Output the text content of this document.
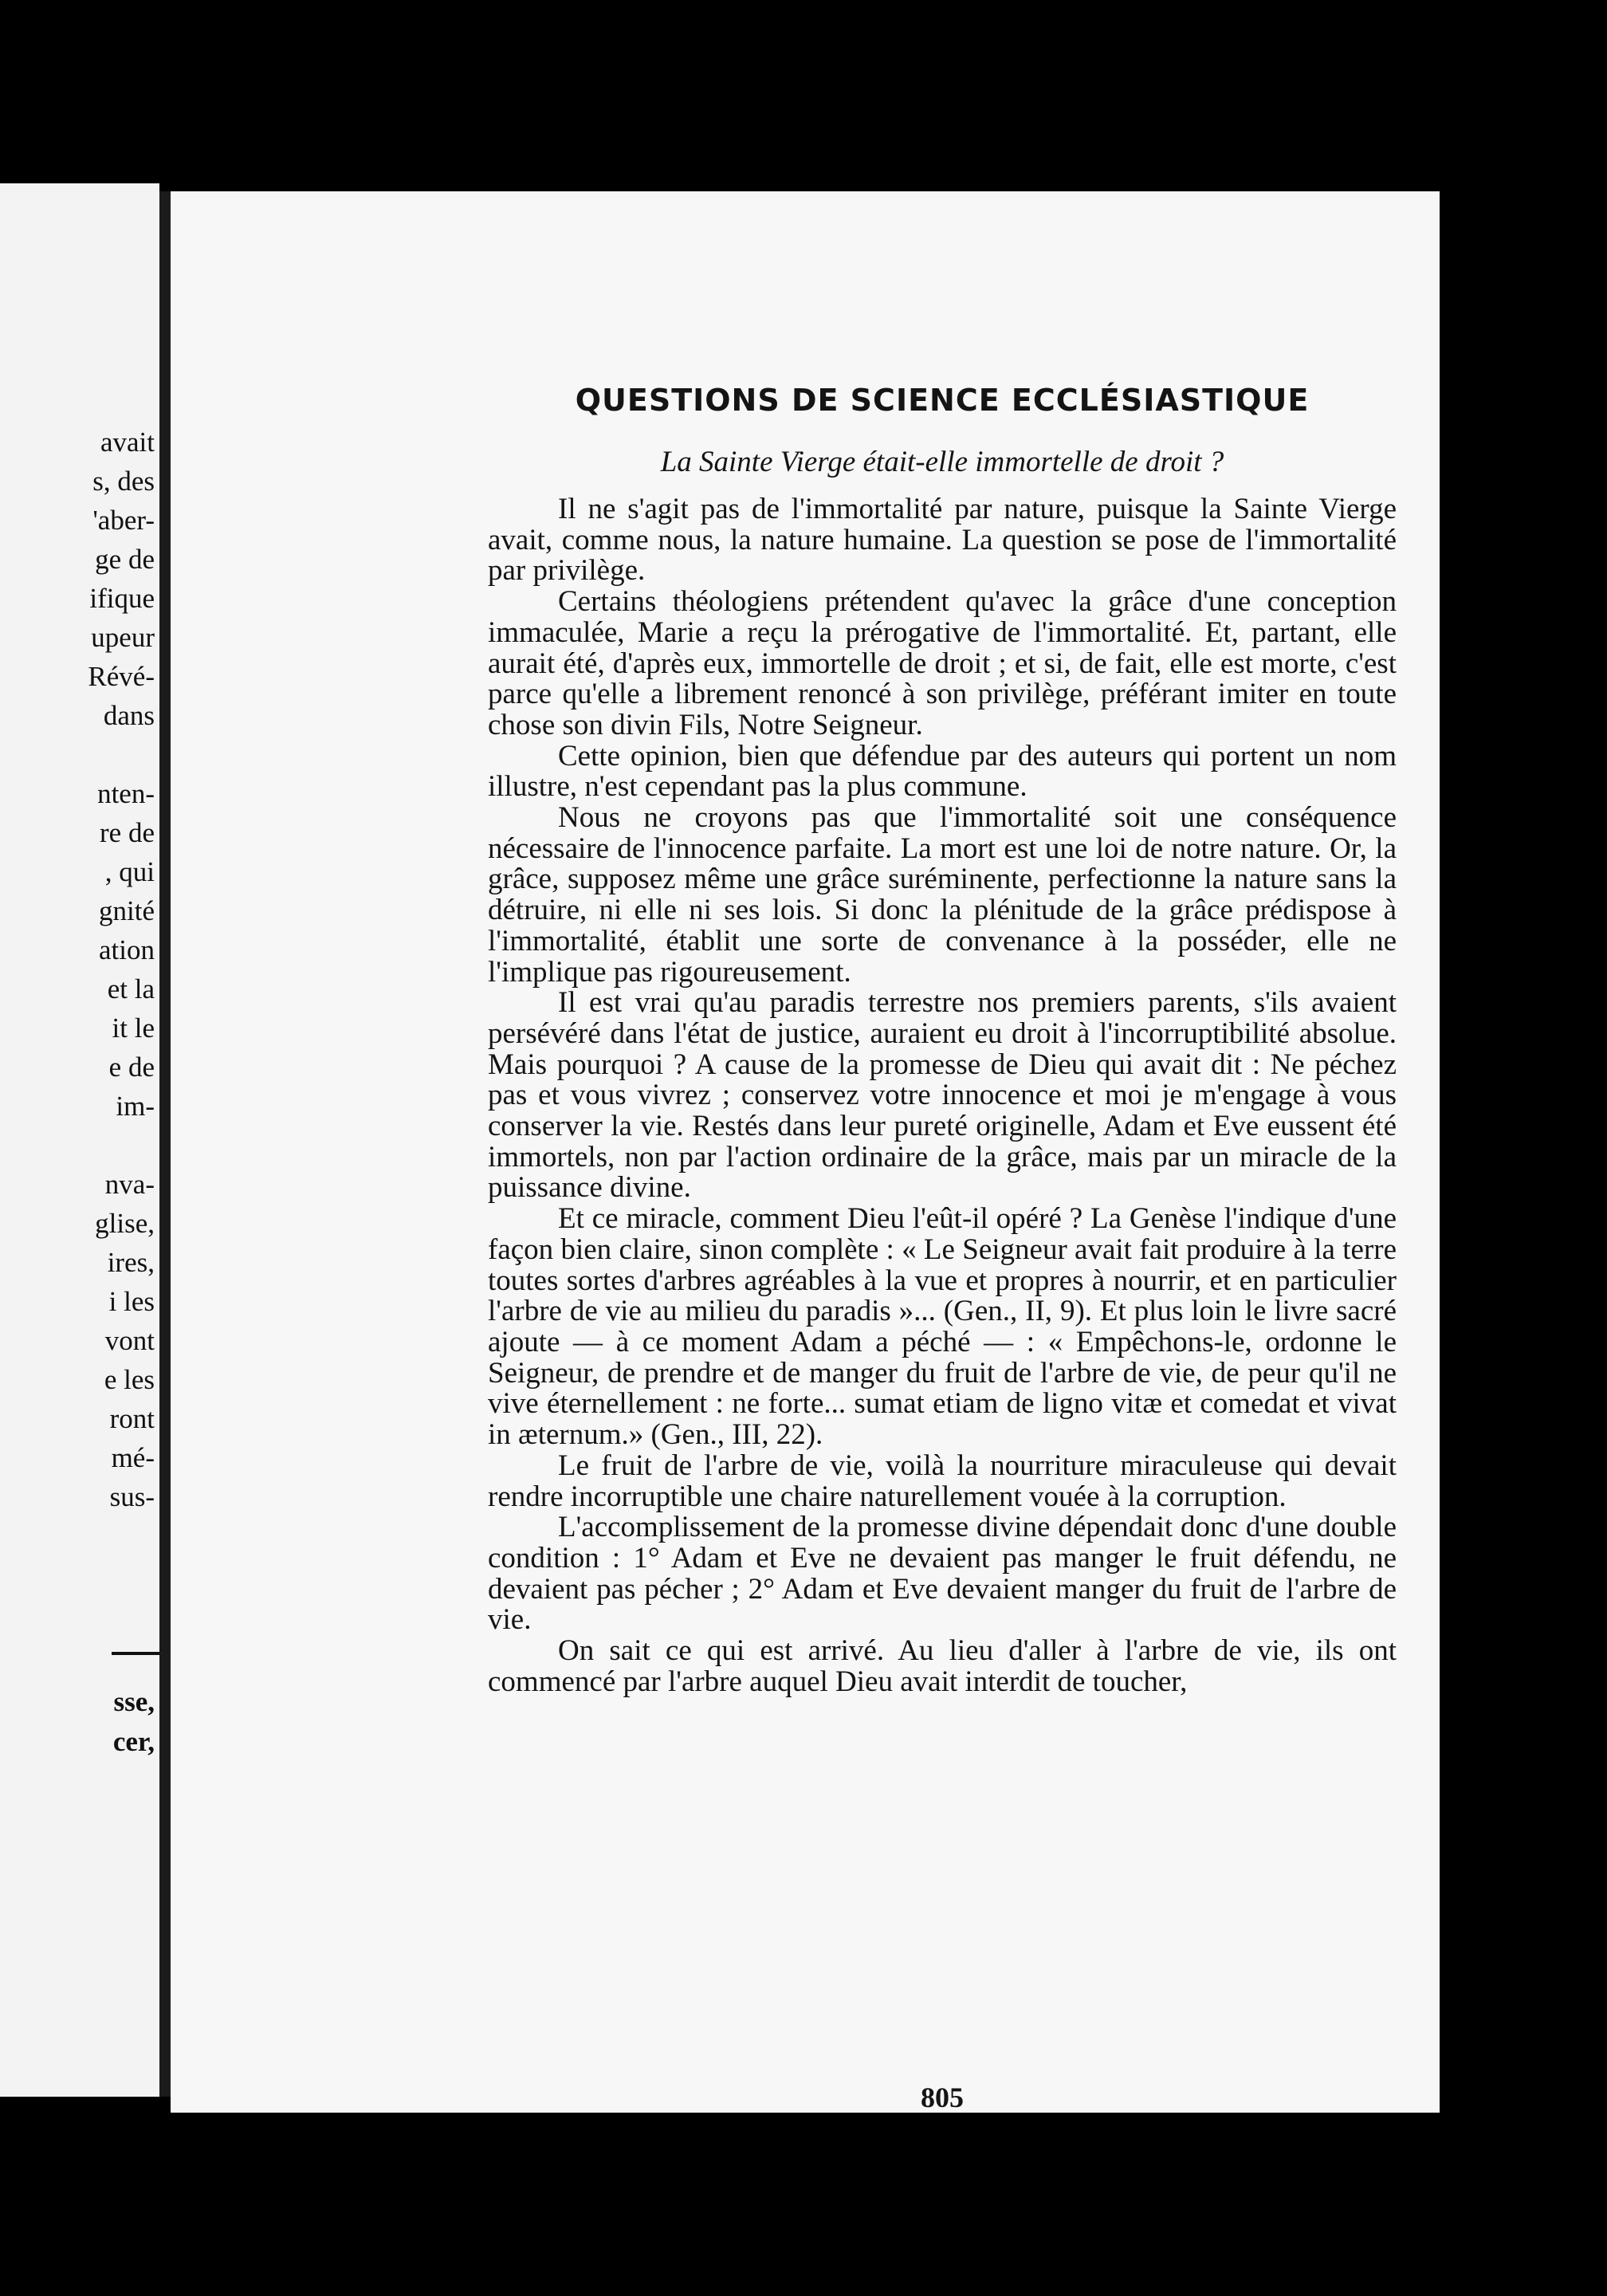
avait
s, des
'aber-
ge de
ifique
upeur
Révé-
dans

nten-
re de
, qui
gnité
ation
et la
it le
e de
im-

nva-
glise,
ires,
i les
vont
e les
ront
mé-
sus-
sse,
cer,
QUESTIONS DE SCIENCE ECCLÉSIASTIQUE
La Sainte Vierge était-elle immortelle de droit ?

Il ne s'agit pas de l'immortalité par nature, puisque la Sainte Vierge avait, comme nous, la nature humaine. La question se pose de l'immortalité par privilège.

Certains théologiens prétendent qu'avec la grâce d'une conception immaculée, Marie a reçu la prérogative de l'immortalité. Et, partant, elle aurait été, d'après eux, immortelle de droit ; et si, de fait, elle est morte, c'est parce qu'elle a librement renoncé à son privilège, préférant imiter en toute chose son divin Fils, Notre Seigneur.

Cette opinion, bien que défendue par des auteurs qui portent un nom illustre, n'est cependant pas la plus commune.

Nous ne croyons pas que l'immortalité soit une conséquence nécessaire de l'innocence parfaite. La mort est une loi de notre nature. Or, la grâce, supposez même une grâce suréminente, perfectionne la nature sans la détruire, ni elle ni ses lois. Si donc la plénitude de la grâce prédispose à l'immortalité, établit une sorte de convenance à la posséder, elle ne l'implique pas rigoureusement.

Il est vrai qu'au paradis terrestre nos premiers parents, s'ils avaient persévéré dans l'état de justice, auraient eu droit à l'incorruptibilité absolue. Mais pourquoi ? A cause de la promesse de Dieu qui avait dit : Ne péchez pas et vous vivrez ; conservez votre innocence et moi je m'engage à vous conserver la vie. Restés dans leur pureté originelle, Adam et Eve eussent été immortels, non par l'action ordinaire de la grâce, mais par un miracle de la puissance divine.

Et ce miracle, comment Dieu l'eût-il opéré ? La Genèse l'indique d'une façon bien claire, sinon complète : « Le Seigneur avait fait produire à la terre toutes sortes d'arbres agréables à la vue et propres à nourrir, et en particulier l'arbre de vie au milieu du paradis »... (Gen., II, 9). Et plus loin le livre sacré ajoute — à ce moment Adam a péché — : « Empêchons-le, ordonne le Seigneur, de prendre et de manger du fruit de l'arbre de vie, de peur qu'il ne vive éternellement : ne forte... sumat etiam de ligno vitæ et comedat et vivat in æternum.» (Gen., III, 22).

Le fruit de l'arbre de vie, voilà la nourriture miraculeuse qui devait rendre incorruptible une chaire naturellement vouée à la corruption.

L'accomplissement de la promesse divine dépendait donc d'une double condition : 1° Adam et Eve ne devaient pas manger le fruit défendu, ne devaient pas pécher ; 2° Adam et Eve devaient manger du fruit de l'arbre de vie.

On sait ce qui est arrivé. Au lieu d'aller à l'arbre de vie, ils ont commencé par l'arbre auquel Dieu avait interdit de toucher,

805
